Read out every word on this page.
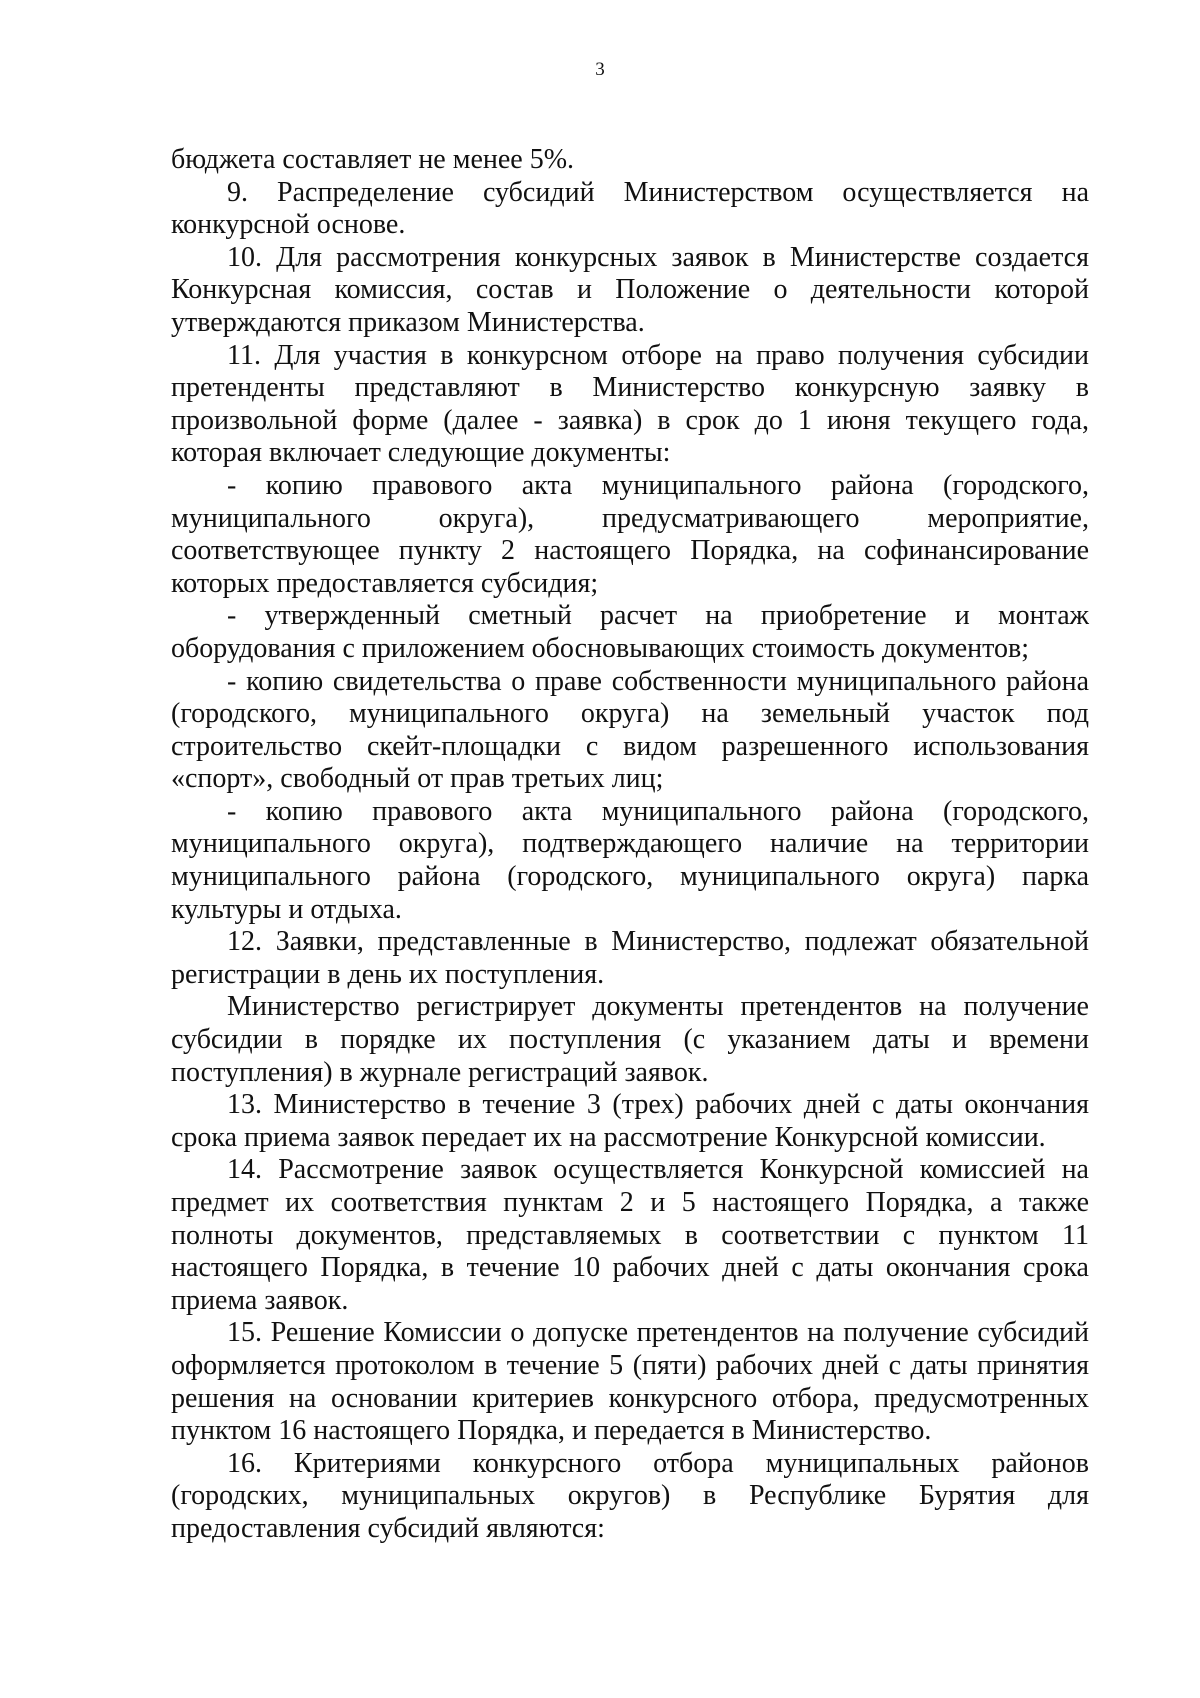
3

бюджета составляет не менее 5%.

9. Распределение субсидий Министерством осуществляется на конкурсной основе.

10. Для рассмотрения конкурсных заявок в Министерстве создается Конкурсная комиссия, состав и Положение о деятельности которой утверждаются приказом Министерства.

11. Для участия в конкурсном отборе на право получения субсидии претенденты представляют в Министерство конкурсную заявку в произвольной форме (далее - заявка) в срок до 1 июня текущего года, которая включает следующие документы:

- копию правового акта муниципального района (городского, муниципального округа), предусматривающего мероприятие, соответствующее пункту 2 настоящего Порядка, на софинансирование которых предоставляется субсидия;

- утвержденный сметный расчет на приобретение и монтаж оборудования с приложением обосновывающих стоимость документов;

- копию свидетельства о праве собственности муниципального района (городского, муниципального округа) на земельный участок под строительство скейт-площадки с видом разрешенного использования «спорт», свободный от прав третьих лиц;

- копию правового акта муниципального района (городского, муниципального округа), подтверждающего наличие на территории муниципального района (городского, муниципального округа) парка культуры и отдыха.

12. Заявки, представленные в Министерство, подлежат обязательной регистрации в день их поступления.

Министерство регистрирует документы претендентов на получение субсидии в порядке их поступления (с указанием даты и времени поступления) в журнале регистраций заявок.

13. Министерство в течение 3 (трех) рабочих дней с даты окончания срока приема заявок передает их на рассмотрение Конкурсной комиссии.

14. Рассмотрение заявок осуществляется Конкурсной комиссией на предмет их соответствия пунктам 2 и 5 настоящего Порядка, а также полноты документов, представляемых в соответствии с пунктом 11 настоящего Порядка, в течение 10 рабочих дней с даты окончания срока приема заявок.

15. Решение Комиссии о допуске претендентов на получение субсидий оформляется протоколом в течение 5 (пяти) рабочих дней с даты принятия решения на основании критериев конкурсного отбора, предусмотренных пунктом 16 настоящего Порядка, и передается в Министерство.

16. Критериями конкурсного отбора муниципальных районов (городских, муниципальных округов) в Республике Бурятия для предоставления субсидий являются:
